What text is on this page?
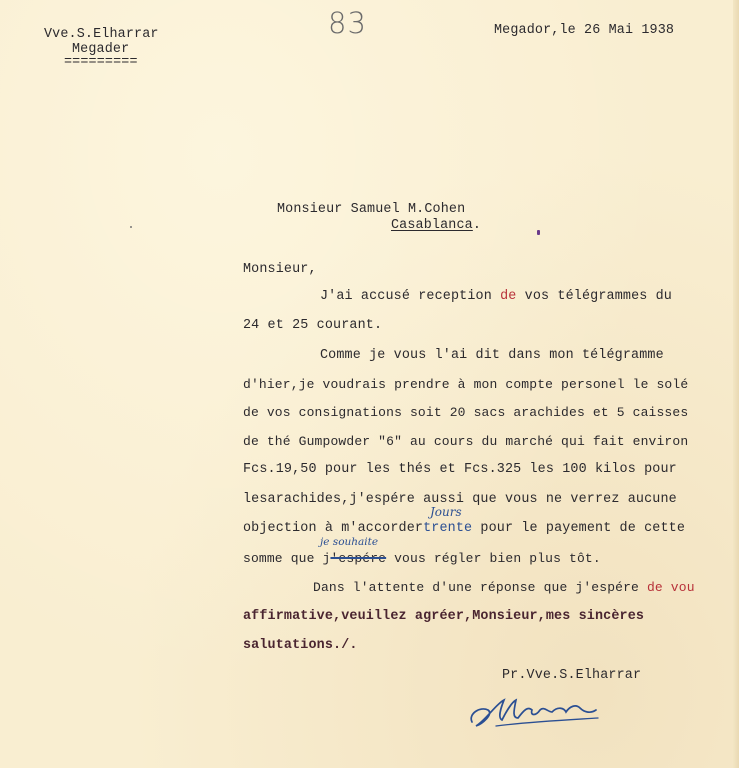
83
Vve.S.Elharrar
Megader
=========
Megador,le 26 Mai 1938
Monsieur Samuel M.Cohen
Casablanca.
Monsieur,
J'ai accusé reception de vos télégrammes du
24 et 25 courant.
Comme je vous l'ai dit dans mon télégramme
d'hier,je voudrais prendre à mon compte personel le solé
de vos consignations soit 20 sacs arachides et 5 caisses
de thé Gumpowder "6" au cours du marché qui fait environ
Fcs.19,50 pour les thés et Fcs.325 les 100 kilos pour
lesarachides,j'espére aussi que vous ne verrez aucune
Jours
objection à m'accordertrente pour le payement de cette
je souhaite
somme que j'espére vous régler bien plus tôt.
Dans l'attente d'une réponse que j'espére de vou
affirmative,veuillez agréer,Monsieur,mes sincères
salutations./.
Pr.Vve.S.Elharrar
